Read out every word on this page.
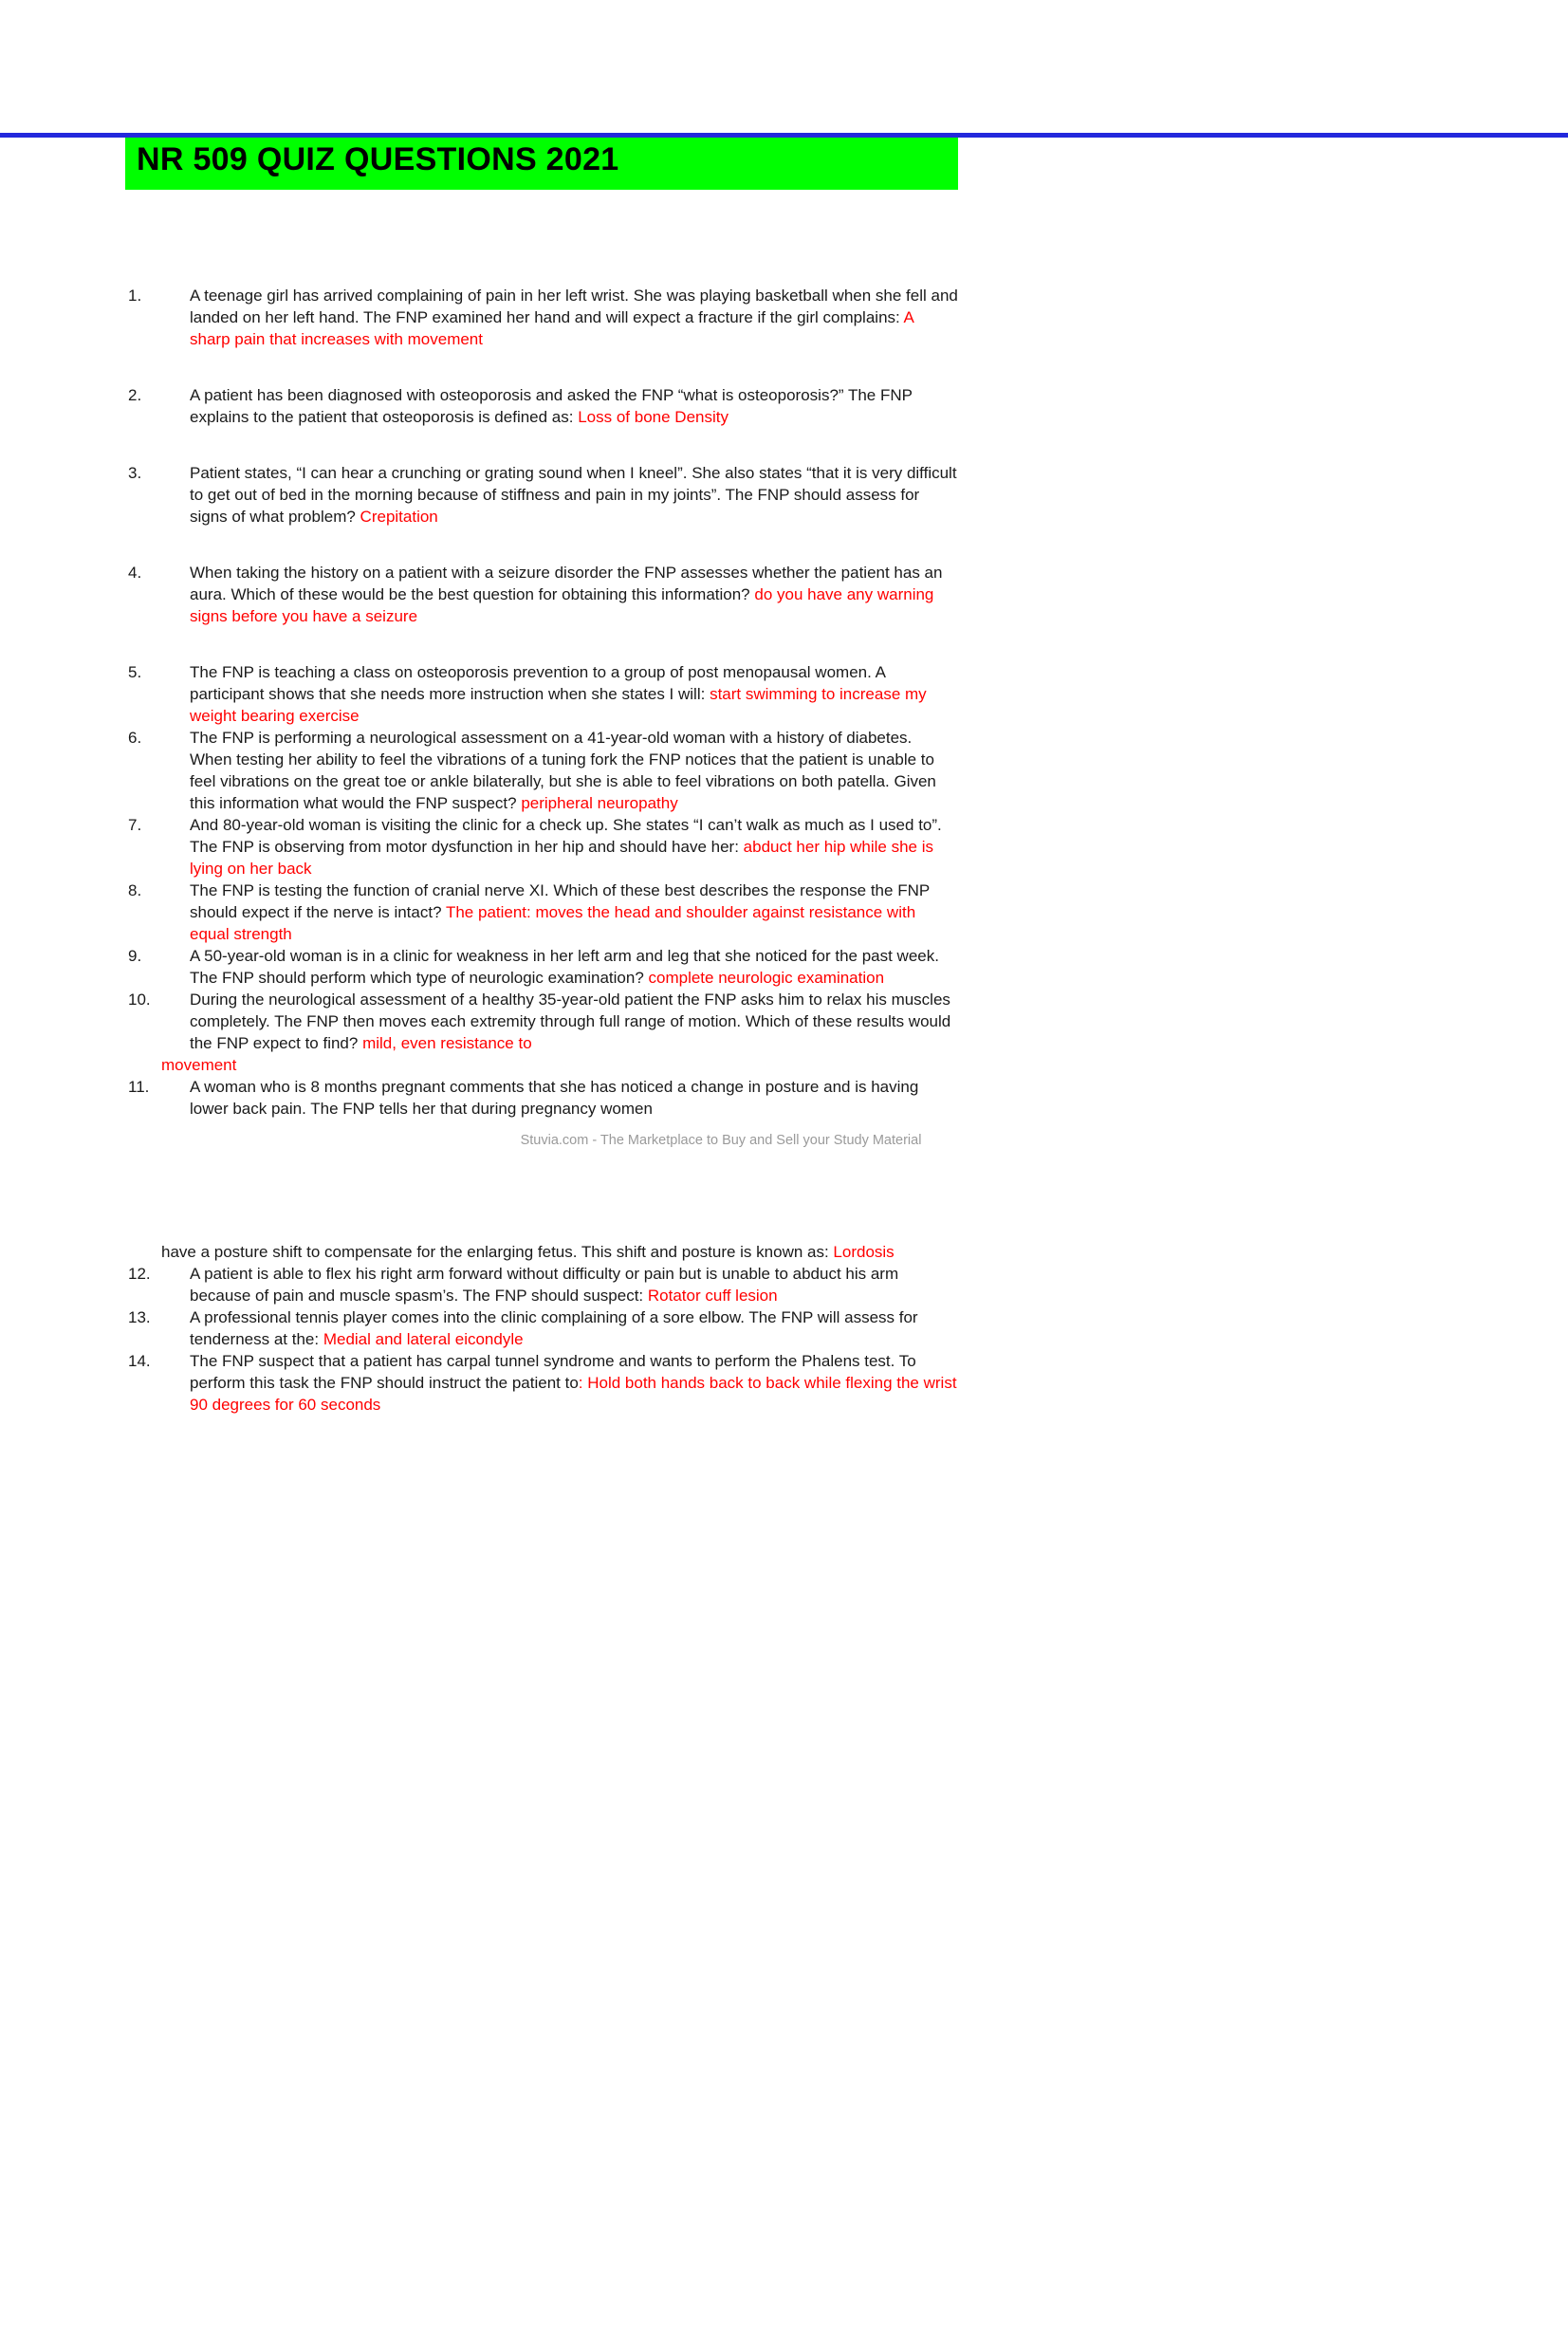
NR 509 QUIZ QUESTIONS 2021
1.	A teenage girl has arrived complaining of pain in her left wrist. She was playing basketball when she fell and landed on her left hand. The FNP examined her hand and will expect a fracture if the girl complains: A sharp pain that increases with movement
2.	A patient has been diagnosed with osteoporosis and asked the FNP “what is osteoporosis?” The FNP explains to the patient that osteoporosis is defined as: Loss of bone Density
3.	Patient states, “I can hear a crunching or grating sound when I kneel”. She also states “that it is very difficult to get out of bed in the morning because of stiffness and pain in my joints”. The FNP should assess for signs of what problem? Crepitation
4.	When taking the history on a patient with a seizure disorder the FNP assesses whether the patient has an aura. Which of these would be the best question for obtaining this information? do you have any warning signs before you have a seizure
5.	The FNP is teaching a class on osteoporosis prevention to a group of post menopausal women. A participant shows that she needs more instruction when she states I will: start swimming to increase my weight bearing exercise
6.	The FNP is performing a neurological assessment on a 41-year-old woman with a history of diabetes. When testing her ability to feel the vibrations of a tuning fork the FNP notices that the patient is unable to feel vibrations on the great toe or ankle bilaterally, but she is able to feel vibrations on both patella. Given this information what would the FNP suspect? peripheral neuropathy
7.	And 80-year-old woman is visiting the clinic for a check up. She states “I can’t walk as much as I used to”. The FNP is observing from motor dysfunction in her hip and should have her: abduct her hip while she is lying on her back
8.	The FNP is testing the function of cranial nerve XI. Which of these best describes the response the FNP should expect if the nerve is intact? The patient: moves the head and shoulder against resistance with equal strength
9.	A 50-year-old woman is in a clinic for weakness in her left arm and leg that she noticed for the past week. The FNP should perform which type of neurologic examination? complete neurologic examination
10. During the neurological assessment of a healthy 35-year-old patient the FNP asks him to relax his muscles completely. The FNP then moves each extremity through full range of motion. Which of these results would the FNP expect to find? mild, even resistance to
movement
11.	A woman who is 8 months pregnant comments that she has noticed a change in posture and is having lower back pain. The FNP tells her that during pregnancy women
Stuvia.com - The Marketplace to Buy and Sell your Study Material
have a posture shift to compensate for the enlarging fetus. This shift and posture is known as: Lordosis
12. A patient is able to flex his right arm forward without difficulty or pain but is unable to abduct his arm because of pain and muscle spasm’s. The FNP should suspect: Rotator cuff lesion
13. A professional tennis player comes into the clinic complaining of a sore elbow. The FNP will assess for tenderness at the: Medial and lateral eicondyle
14. The FNP suspect that a patient has carpal tunnel syndrome and wants to perform the Phalens test. To perform this task the FNP should instruct the patient to: Hold both hands back to back while flexing the wrist 90 degrees for 60 seconds
